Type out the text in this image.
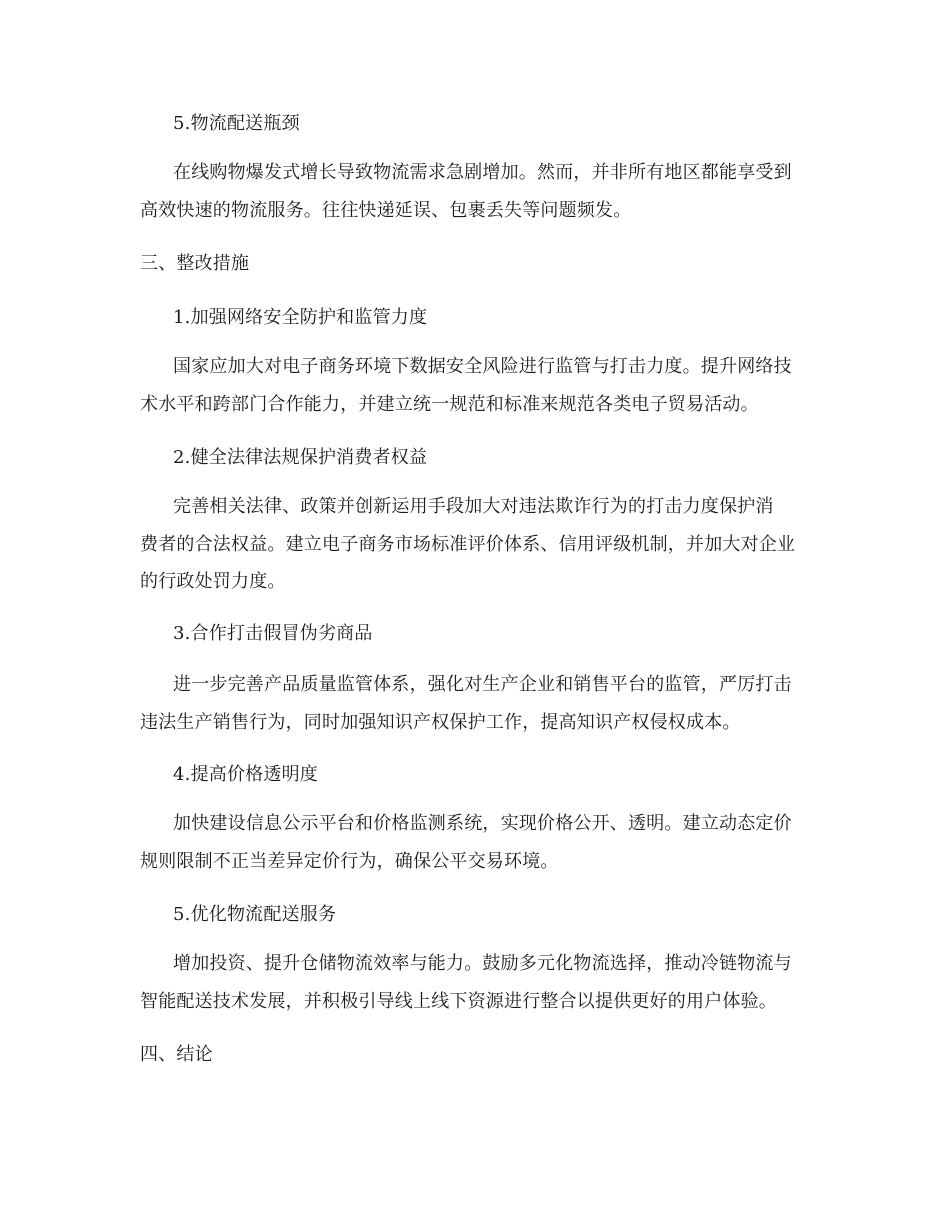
5.物流配送瓶颈
在线购物爆发式增长导致物流需求急剧增加。然而，并非所有地区都能享受到
高效快速的物流服务。往往快递延误、包裹丢失等问题频发。
三、整改措施
1.加强网络安全防护和监管力度
国家应加大对电子商务环境下数据安全风险进行监管与打击力度。提升网络技
术水平和跨部门合作能力，并建立统一规范和标准来规范各类电子贸易活动。
2.健全法律法规保护消费者权益
完善相关法律、政策并创新运用手段加大对违法欺诈行为的打击力度保护消
费者的合法权益。建立电子商务市场标准评价体系、信用评级机制，并加大对企业
的行政处罚力度。
3.合作打击假冒伪劣商品
进一步完善产品质量监管体系，强化对生产企业和销售平台的监管，严厉打击
违法生产销售行为，同时加强知识产权保护工作，提高知识产权侵权成本。
4.提高价格透明度
加快建设信息公示平台和价格监测系统，实现价格公开、透明。建立动态定价
规则限制不正当差异定价行为，确保公平交易环境。
5.优化物流配送服务
增加投资、提升仓储物流效率与能力。鼓励多元化物流选择，推动冷链物流与
智能配送技术发展，并积极引导线上线下资源进行整合以提供更好的用户体验。
四、结论
